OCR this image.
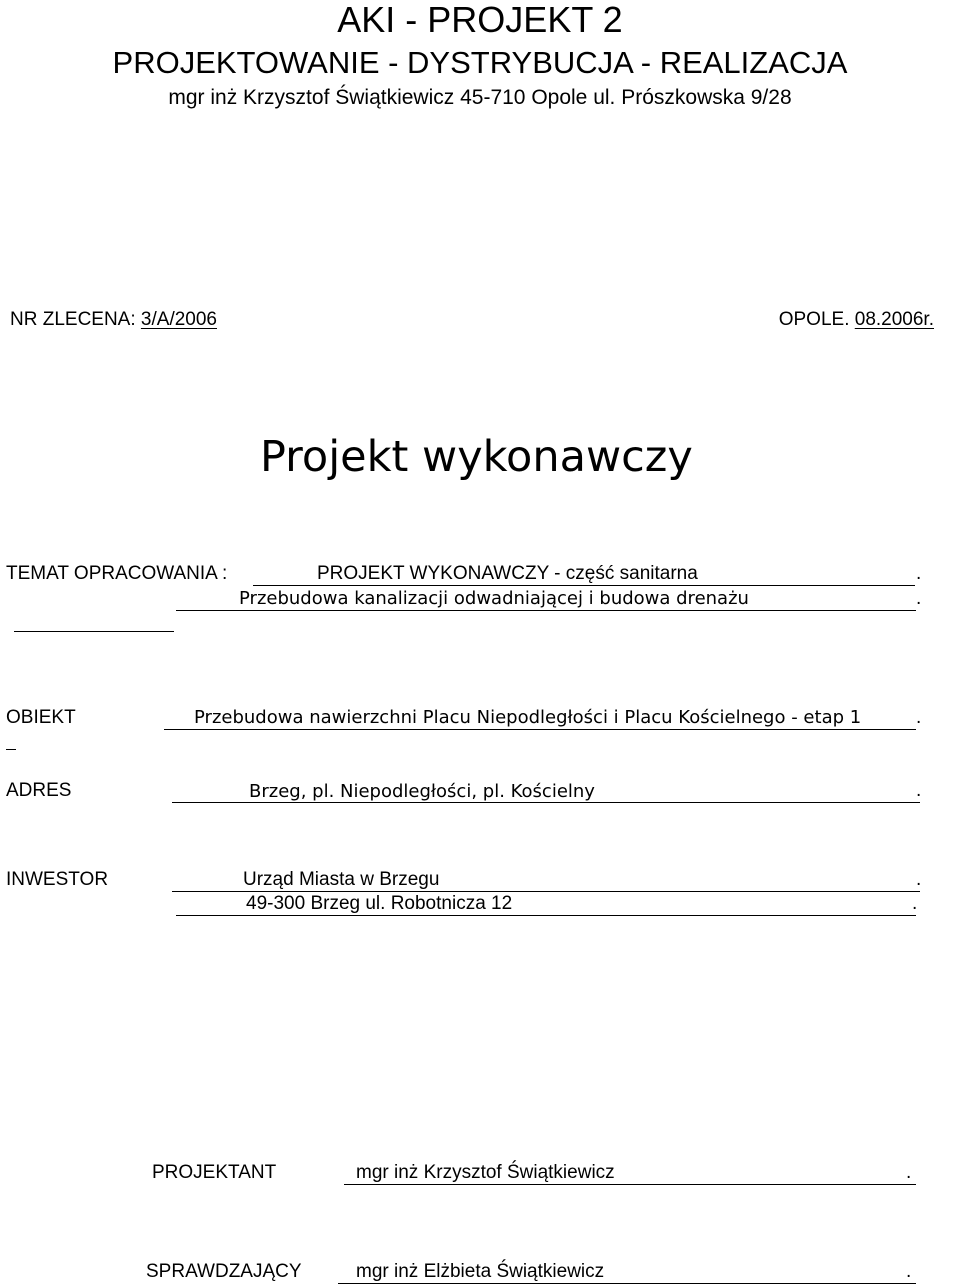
AKI - PROJEKT 2
PROJEKTOWANIE - DYSTRYBUCJA - REALIZACJA
mgr inż Krzysztof Świątkiewicz 45-710 Opole ul. Prószkowska 9/28
NR ZLECENA: 3/A/2006	OPOLE. 08.2006r.
Projekt wykonawczy
TEMAT OPRACOWANIA :	PROJEKT WYKONAWCZY - część sanitarna	.
Przebudowa kanalizacji odwadniającej i budowa drenażu	.
OBIEKT	Przebudowa nawierzchni Placu Niepodległości i Placu Kościelnego - etap 1	.
ADRES	Brzeg, pl. Niepodległości, pl. Kościelny	.
INWESTOR	Urząd Miasta w Brzegu	.
49-300 Brzeg ul. Robotnicza 12	.
PROJEKTANT	mgr inż Krzysztof Świątkiewicz	.
SPRAWDZAJĄCY	mgr inż Elżbieta Świątkiewicz	.
